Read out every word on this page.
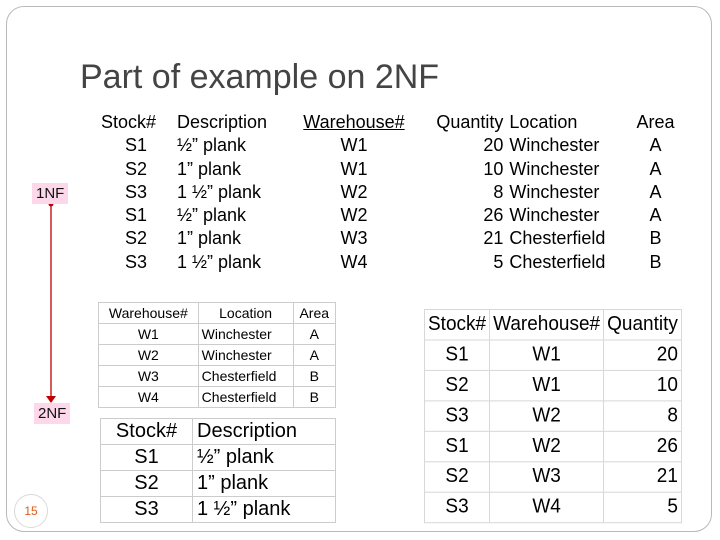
Part of example on 2NF
1NF
2NF
Stock#	Description	Warehouse#	Quantity	Location	Area
S1	½” plank	W1	20	Winchester	A
S2	1” plank	W1	10	Winchester	A
S3	1 ½” plank	W2	8	Winchester	A
S1	½” plank	W2	26	Winchester	A
S2	1” plank	W3	21	Chesterfield	B
S3	1 ½” plank	W4	5	Chesterfield	B
Warehouse#	Location	Area
W1	Winchester	A
W2	Winchester	A
W3	Chesterfield	B
W4	Chesterfield	B
Stock#	Description
S1	½” plank
S2	1” plank
S3	1 ½” plank
Stock#	Warehouse#	Quantity
S1	W1	20
S2	W1	10
S3	W2	8
S1	W2	26
S2	W3	21
S3	W4	5
15
